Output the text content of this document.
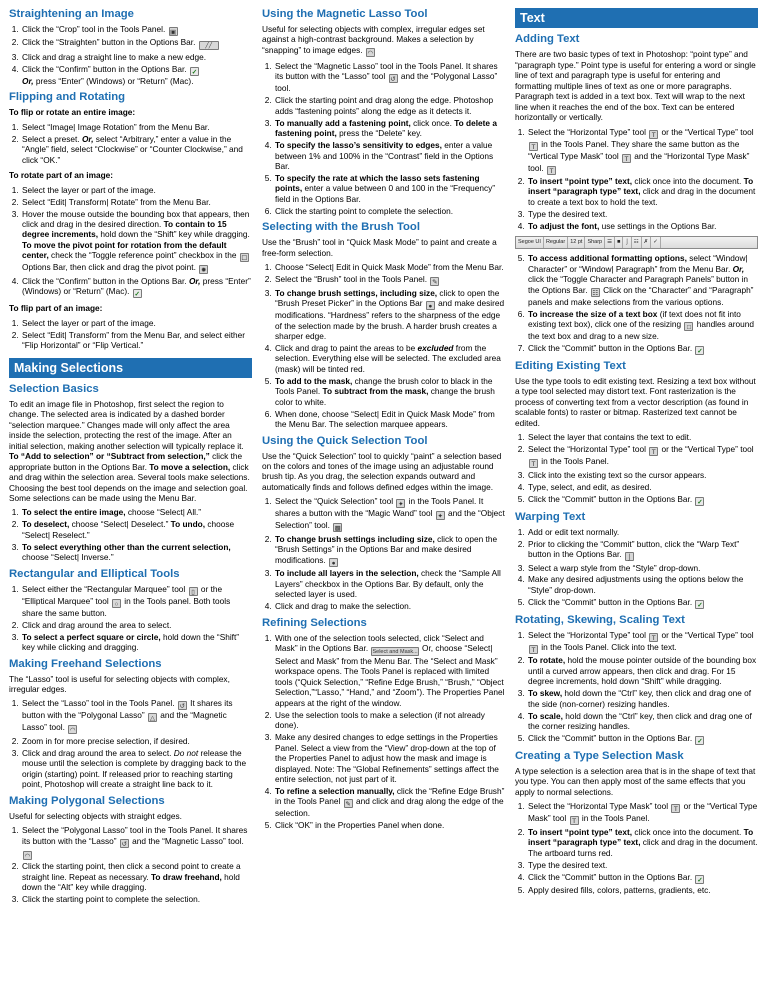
Straightening an Image
1. Click the “Crop” tool in the Tools Panel. ▣
2. Click the “Straighten” button in the Options Bar. ╱╱
3. Click and drag a straight line to make a new edge.
4. Click the “Confirm” button in the Options Bar. ✓
Or, press “Enter” (Windows) or “Return” (Mac).
Flipping and Rotating

To flip or rotate an entire image:

1. Select “Image| Image Rotation” from the Menu Bar.
2. Select a preset. Or, select “Arbitrary,” enter a value in the “Angle” field, select “Clockwise” or “Counter Clockwise,” and click “OK.”

To rotate part of an image:

1. Select the layer or part of the image.
2. Select “Edit| Transform| Rotate” from the Menu Bar.
3. Hover the mouse outside the bounding box that appears, then click and drag in the desired direction. To contain to 15 degree increments, hold down the “Shift” key while dragging. To move the pivot point for rotation from the default center, check the “Toggle reference point” checkbox in the ☐ Options Bar, then click and drag the pivot point. ✹
4. Click the “Confirm” button in the Options Bar. Or, press “Enter” (Windows) or “Return” (Mac). ✓

To flip part of an image:

1. Select the layer or part of the image.
2. Select “Edit| Transform” from the Menu Bar, and select either “Flip Horizontal” or “Flip Vertical.”
Making Selections
Selection Basics

To edit an image file in Photoshop, first select the region to change. The selected area is indicated by a dashed border “selection marquee.” Changes made will only affect the area inside the selection, protecting the rest of the image. After an initial selection, making another selection will typically replace it. To “Add to selection” or “Subtract from selection,” click the appropriate button in the Options Bar. To move a selection, click and drag within the selection area. Several tools make selections. Choosing the best tool depends on the image and selection goal. Some selections can be made using the Menu Bar.

1. To select the entire image, choose “Select| All.”
2. To deselect, choose “Select| Deselect.” To undo, choose “Select| Reselect.”
3. To select everything other than the current selection, choose “Select| Inverse.”
Rectangular and Elliptical Tools
1. Select either the “Rectangular Marquee” tool ▯ or the “Elliptical Marquee” tool ○ in the Tools panel. Both tools share the same button.
2. Click and drag around the area to select.
3. To select a perfect square or circle, hold down the “Shift” key while clicking and dragging.
Making Freehand Selections

The “Lasso” tool is useful for selecting objects with complex, irregular edges.

1. Select the “Lasso” tool in the Tools Panel. ↺ It shares its button with the “Polygonal Lasso” △ and the “Magnetic Lasso” tool. ◠
2. Zoom in for more precise selection, if desired.
3. Click and drag around the area to select. Do not release the mouse until the selection is complete by dragging back to the origin (starting) point. If released prior to reaching starting point, Photoshop will create a straight line back to it.
Making Polygonal Selections

Useful for selecting objects with straight edges.

1. Select the “Polygonal Lasso” tool in the Tools Panel. It shares its button with the “Lasso” ↺ and the “Magnetic Lasso” tool. ◠
2. Click the starting point, then click a second point to create a straight line. Repeat as necessary. To draw freehand, hold down the “Alt” key while dragging.
3. Click the starting point to complete the selection.
Using the Magnetic Lasso Tool

Useful for selecting objects with complex, irregular edges set against a high-contrast background. Makes a selection by “snapping” to image edges. ◠

1. Select the “Magnetic Lasso” tool in the Tools Panel. It shares its button with the “Lasso” tool ↺ and the “Polygonal Lasso” tool.
2. Click the starting point and drag along the edge. Photoshop adds “fastening points” along the edge as it detects it.
3. To manually add a fastening point, click once. To delete a fastening point, press the “Delete” key.
4. To specify the lasso’s sensitivity to edges, enter a value between 1% and 100% in the “Contrast” field in the Options Bar.
5. To specify the rate at which the lasso sets fastening points, enter a value between 0 and 100 in the “Frequency” field in the Options Bar.
6. Click the starting point to complete the selection.
Selecting with the Brush Tool

Use the “Brush” tool in “Quick Mask Mode” to paint and create a free-form selection.

1. Choose “Select| Edit in Quick Mask Mode” from the Menu Bar.
2. Select the “Brush” tool in the Tools Panel. ✎
3. To change brush settings, including size, click to open the “Brush Preset Picker” in the Options Bar ● and make desired modifications. “Hardness” refers to the sharpness of the edge of the selection made by the brush. A harder brush creates a sharper edge.
4. Click and drag to paint the areas to be excluded from the selection. Everything else will be selected. The excluded area (mask) will be tinted red.
5. To add to the mask, change the brush color to black in the Tools Panel. To subtract from the mask, change the brush color to white.
6. When done, choose “Select| Edit in Quick Mask Mode” from the Menu Bar. The selection marquee appears.
Using the Quick Selection Tool

Use the “Quick Selection” tool to quickly “paint” a selection based on the colors and tones of the image using an adjustable round brush tip. As you drag, the selection expands outward and automatically finds and follows defined edges within the image.

1. Select the “Quick Selection” tool ✦ in the Tools Panel. It shares a button with the “Magic Wand” tool ✦ and the “Object Selection” tool. ▩
2. To change brush settings including size, click to open the “Brush Settings” in the Options Bar and make desired modifications. ●
3. To include all layers in the selection, check the “Sample All Layers” checkbox in the Options Bar. By default, only the selected layer is used.
4. Click and drag to make the selection.
Refining Selections
1. With one of the selection tools selected, click “Select and Mask” in the Options Bar. Select and Mask... Or, choose “Select| Select and Mask” from the Menu Bar. The “Select and Mask” workspace opens. The Tools Panel is replaced with limited tools (“Quick Selection,” “Refine Edge Brush,” “Brush,” “Object Selection,”“Lasso,” “Hand,” and “Zoom”). The Properties Panel appears at the right of the window.
2. Use the selection tools to make a selection (if not already done).
3. Make any desired changes to edge settings in the Properties Panel. Select a view from the “View” drop-down at the top of the Properties Panel to adjust how the mask and image is displayed. Note: The “Global Refinements” settings affect the entire selection, not just part of it.
4. To refine a selection manually, click the “Refine Edge Brush” in the Tools Panel ✎ and click and drag along the edge of the selection.
5. Click “OK” in the Properties Panel when done.
Text
Adding Text

There are two basic types of text in Photoshop: “point type” and “paragraph type.” Point type is useful for entering a word or single line of text and paragraph type is useful for entering and formatting multiple lines of text as one or more paragraphs. Paragraph text is added in a text box. Text will wrap to the next line when it reaches the end of the box. Text can be entered horizontally or vertically.

1. Select the “Horizontal Type” tool T or the “Vertical Type” tool T in the Tools Panel. They share the same button as the “Vertical Type Mask” tool T and the “Horizontal Type Mask” tool. T
2. To insert “point type” text, click once into the document. To insert “paragraph type” text, click and drag in the document to create a text box to hold the text.
3. Type the desired text.
4. To adjust the font, use settings in the Options Bar.
Segoe UI Regular 12 pt Sharp ☰ ■ ⌡ ☷ ✗ ✓
5. To access additional formatting options, select “Window| Character” or “Window| Paragraph” from the Menu Bar. Or, click the “Toggle Character and Paragraph Panels” button in the Options Bar. ☷ Click on the “Character” and “Paragraph” panels and make selections from the various options.
6. To increase the size of a text box (if text does not fit into existing text box), click one of the resizing □ handles around the text box and drag to a new size.
7. Click the “Commit” button in the Options Bar. ✓
Editing Existing Text

Use the type tools to edit existing text. Resizing a text box without a type tool selected may distort text. Font rasterization is the process of converting text from a vector description (as found in scalable fonts) to raster or bitmap. Rasterized text cannot be edited.

1. Select the layer that contains the text to edit.
2. Select the “Horizontal Type” tool T or the “Vertical Type” tool T in the Tools Panel.
3. Click into the existing text so the cursor appears.
4. Type, select, and edit, as desired.
5. Click the “Commit” button in the Options Bar. ✓
Warping Text
1. Add or edit text normally.
2. Prior to clicking the “Commit” button, click the “Warp Text” button in the Options Bar. ⌡
3. Select a warp style from the “Style” drop-down.
4. Make any desired adjustments using the options below the “Style” drop-down.
5. Click the “Commit” button in the Options Bar. ✓
Rotating, Skewing, Scaling Text
1. Select the “Horizontal Type” tool T or the “Vertical Type” tool T in the Tools Panel. Click into the text.
2. To rotate, hold the mouse pointer outside of the bounding box until a curved arrow appears, then click and drag. For 15 degree increments, hold down “Shift” while dragging.
3. To skew, hold down the “Ctrl” key, then click and drag one of the side (non-corner) resizing handles.
4. To scale, hold down the “Ctrl” key, then click and drag one of the corner resizing handles.
5. Click the “Commit” button in the Options Bar. ✓
Creating a Type Selection Mask

A type selection is a selection area that is in the shape of text that you type. You can then apply most of the same effects that you apply to normal selections.

1. Select the “Horizontal Type Mask” tool T or the “Vertical Type Mask” tool T in the Tools Panel.
2. To insert “point type” text, click once into the document. To insert “paragraph type” text, click and drag in the document. The artboard turns red.
3. Type the desired text.
4. Click the “Commit” button in the Options Bar. ✓
5. Apply desired fills, colors, patterns, gradients, etc.
